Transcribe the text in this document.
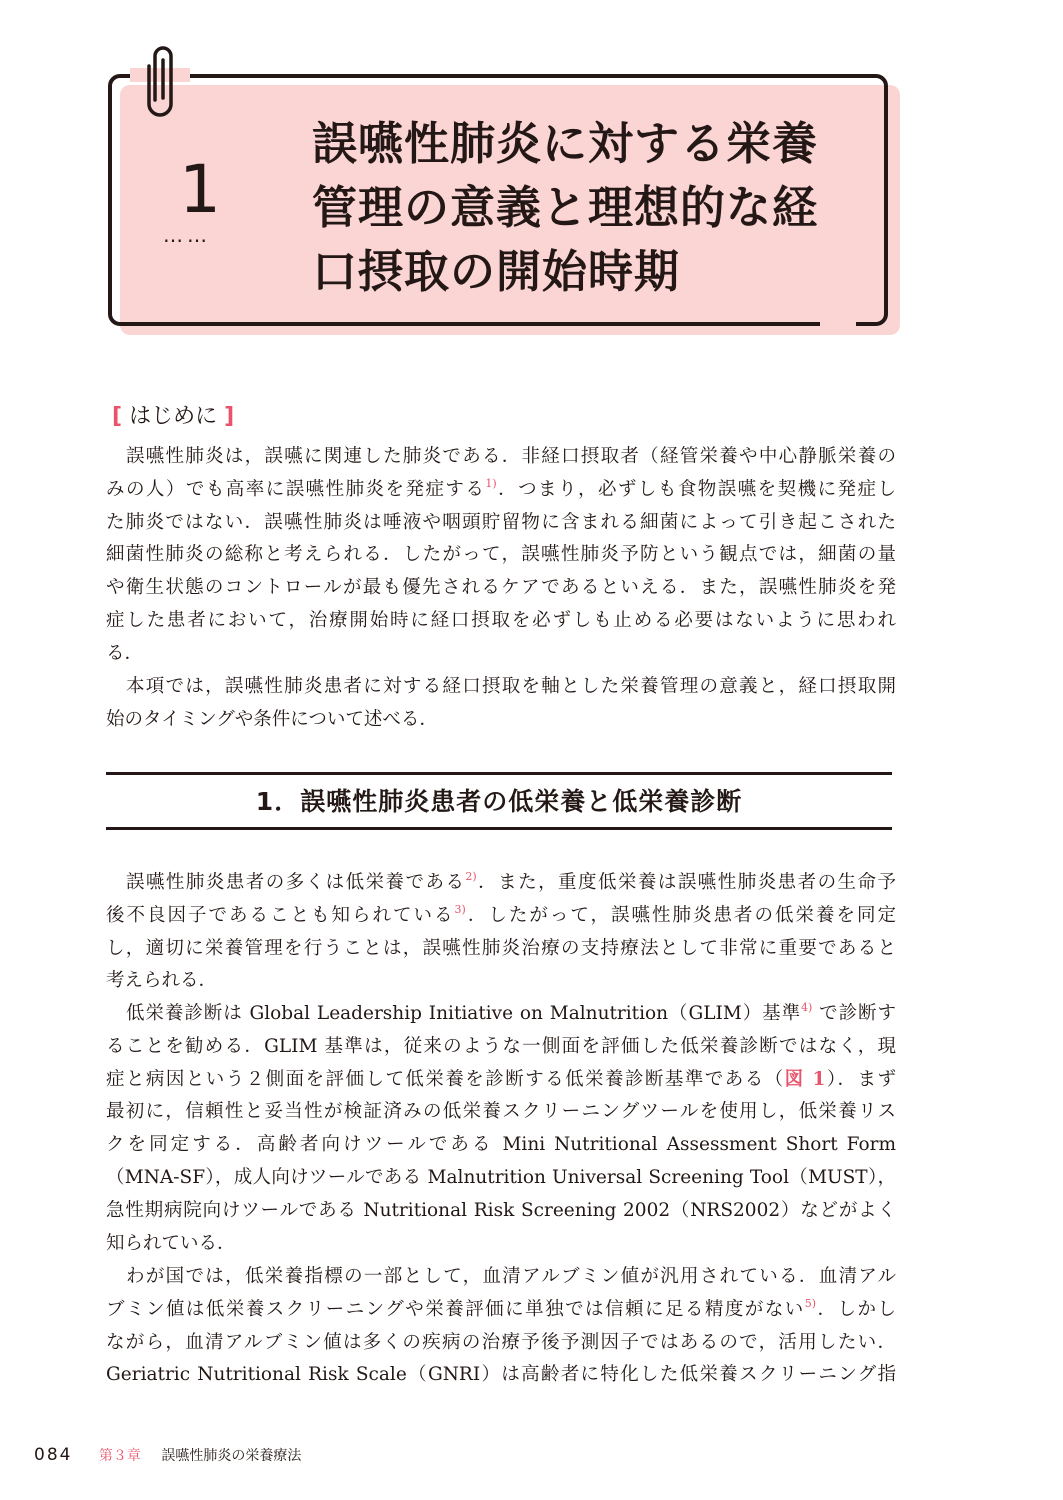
1
……
誤嚥性肺炎に対する栄養
管理の意義と理想的な経
口摂取の開始時期
[ はじめに ]
誤嚥性肺炎は，誤嚥に関連した肺炎である．非経口摂取者（経管栄養や中心静脈栄養の
みの人）でも高率に誤嚥性肺炎を発症する$^{1)}$．つまり，必ずしも食物誤嚥を契機に発症し
た肺炎ではない．誤嚥性肺炎は唾液や咽頭貯留物に含まれる細菌によって引き起こされた
細菌性肺炎の総称と考えられる．したがって，誤嚥性肺炎予防という観点では，細菌の量
や衛生状態のコントロールが最も優先されるケアであるといえる．また，誤嚥性肺炎を発
症した患者において，治療開始時に経口摂取を必ずしも止める必要はないように思われ
る．
本項では，誤嚥性肺炎患者に対する経口摂取を軸とした栄養管理の意義と，経口摂取開
始のタイミングや条件について述べる．
1．誤嚥性肺炎患者の低栄養と低栄養診断
誤嚥性肺炎患者の多くは低栄養である$^{2)}$．また，重度低栄養は誤嚥性肺炎患者の生命予
後不良因子であることも知られている$^{3)}$．したがって，誤嚥性肺炎患者の低栄養を同定
し，適切に栄養管理を行うことは，誤嚥性肺炎治療の支持療法として非常に重要であると
考えられる．
低栄養診断は Global Leadership Initiative on Malnutrition（GLIM）基準$^{4)}$ で診断す
ることを勧める．GLIM 基準は，従来のような一側面を評価した低栄養診断ではなく，現
症と病因という２側面を評価して低栄養を診断する低栄養診断基準である（図 1）．まず
最初に，信頼性と妥当性が検証済みの低栄養スクリーニングツールを使用し，低栄養リス
クを同定する．高齢者向けツールである Mini Nutritional Assessment Short Form
（MNA-SF），成人向けツールである Malnutrition Universal Screening Tool（MUST），
急性期病院向けツールである Nutritional Risk Screening 2002（NRS2002）などがよく
知られている．
わが国では，低栄養指標の一部として，血清アルブミン値が汎用されている．血清アル
ブミン値は低栄養スクリーニングや栄養評価に単独では信頼に足る精度がない$^{5)}$．しかし
ながら，血清アルブミン値は多くの疾病の治療予後予測因子ではあるので，活用したい．
Geriatric Nutritional Risk Scale（GNRI）は高齢者に特化した低栄養スクリーニング指
084 第３章 誤嚥性肺炎の栄養療法
